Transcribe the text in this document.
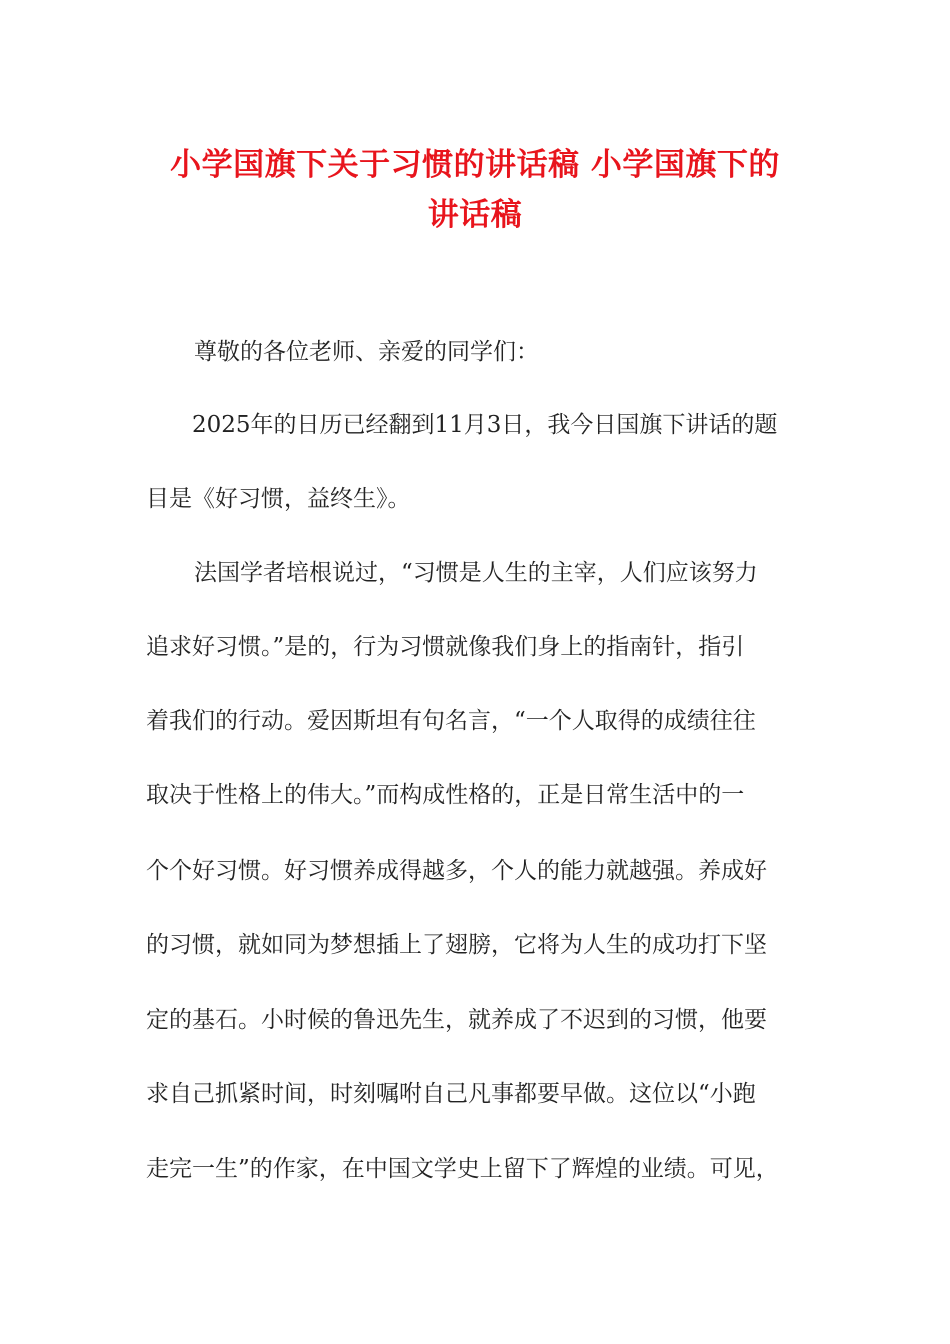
小学国旗下关于习惯的讲话稿 小学国旗下的
讲话稿
尊敬的各位老师、亲爱的同学们：
2025年的日历已经翻到11月3日，我今日国旗下讲话的题
目是《好习惯，益终生》。
法国学者培根说过，“习惯是人生的主宰，人们应该努力
追求好习惯。”是的，行为习惯就像我们身上的指南针，指引
着我们的行动。爱因斯坦有句名言，“一个人取得的成绩往往
取决于性格上的伟大。”而构成性格的，正是日常生活中的一
个个好习惯。好习惯养成得越多，个人的能力就越强。养成好
的习惯，就如同为梦想插上了翅膀，它将为人生的成功打下坚
定的基石。小时候的鲁迅先生，就养成了不迟到的习惯，他要
求自己抓紧时间，时刻嘱咐自己凡事都要早做。这位以“小跑
走完一生”的作家，在中国文学史上留下了辉煌的业绩。可见，
